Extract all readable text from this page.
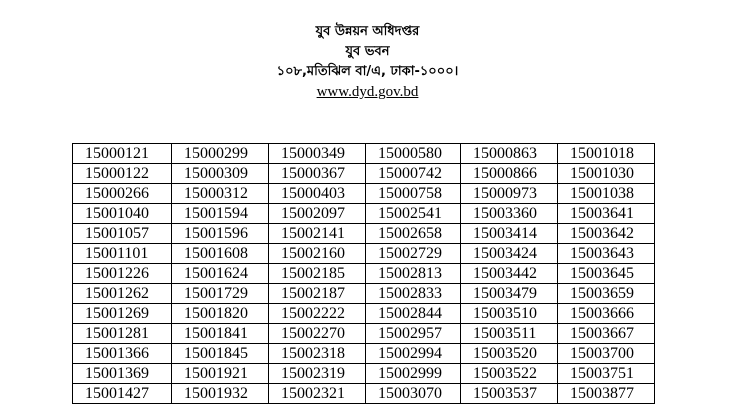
যুব উন্নয়ন অধিদপ্তর
যুব ভবন
১০৮,মতিঝিল বা/এ, ঢাকা-১০০০।
www.dyd.gov.bd
15000121	15000299	15000349	15000580	15000863	15001018
15000122	15000309	15000367	15000742	15000866	15001030
15000266	15000312	15000403	15000758	15000973	15001038
15001040	15001594	15002097	15002541	15003360	15003641
15001057	15001596	15002141	15002658	15003414	15003642
15001101	15001608	15002160	15002729	15003424	15003643
15001226	15001624	15002185	15002813	15003442	15003645
15001262	15001729	15002187	15002833	15003479	15003659
15001269	15001820	15002222	15002844	15003510	15003666
15001281	15001841	15002270	15002957	15003511	15003667
15001366	15001845	15002318	15002994	15003520	15003700
15001369	15001921	15002319	15002999	15003522	15003751
15001427	15001932	15002321	15003070	15003537	15003877
